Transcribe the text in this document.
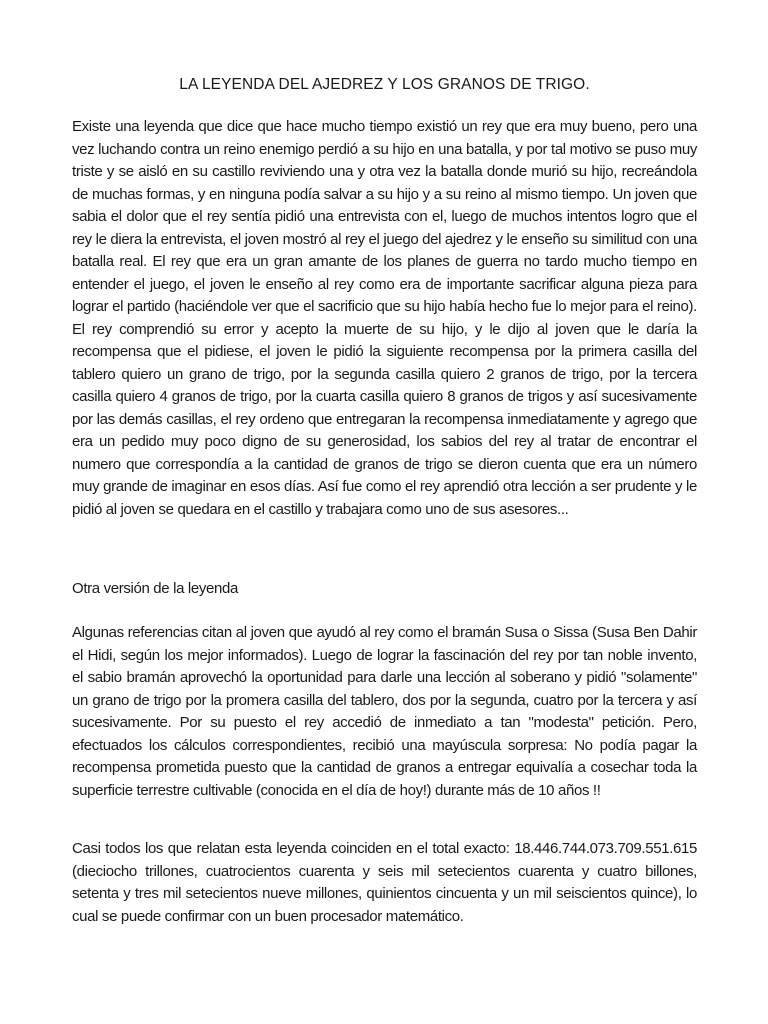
LA LEYENDA DEL AJEDREZ Y LOS GRANOS DE TRIGO.

Existe una leyenda que dice que hace mucho tiempo existió un rey que era muy bueno, pero una vez luchando contra un reino enemigo perdió a su hijo en una batalla, y por tal motivo se puso muy triste y se aisló en su castillo reviviendo una y otra vez la batalla donde murió su hijo, recreándola de muchas formas, y en ninguna podía salvar a su hijo y a su reino al mismo tiempo. Un joven que sabia el dolor que el rey sentía pidió una entrevista con el, luego de muchos intentos logro que el rey le diera la entrevista, el joven mostró al rey el juego del ajedrez y le enseño su similitud con una batalla real. El rey que era un gran amante de los planes de guerra no tardo mucho tiempo en entender el juego, el joven le enseño al rey como era de importante sacrificar alguna pieza para lograr el partido (haciéndole ver que el sacrificio que su hijo había hecho fue lo mejor para el reino). El rey comprendió su error y acepto la muerte de su hijo, y le dijo al joven que le daría la recompensa que el pidiese, el joven le pidió la siguiente recompensa por la primera casilla del tablero quiero un grano de trigo, por la segunda casilla quiero 2 granos de trigo, por la tercera casilla quiero 4 granos de trigo, por la cuarta casilla quiero 8 granos de trigos y así sucesivamente por las demás casillas, el rey ordeno que entregaran la recompensa inmediatamente y agrego que era un pedido muy poco digno de su generosidad, los sabios del rey al tratar de encontrar el numero que correspondía a la cantidad de granos de trigo se dieron cuenta que era un número muy grande de imaginar en esos días. Así fue como el rey aprendió otra lección a ser prudente y le pidió al joven se quedara en el castillo y trabajara como uno de sus asesores...

Otra versión de la leyenda

Algunas referencias citan al joven que ayudó al rey como el bramán Susa o Sissa (Susa Ben Dahir el Hidi, según los mejor informados). Luego de lograr la fascinación del rey por tan noble invento, el sabio bramán aprovechó la oportunidad para darle una lección al soberano y pidió "solamente" un grano de trigo por la promera casilla del tablero, dos por la segunda, cuatro por la tercera y así sucesivamente. Por su puesto el rey accedió de inmediato a tan "modesta" petición. Pero, efectuados los cálculos correspondientes, recibió una mayúscula sorpresa: No podía pagar la recompensa prometida puesto que la cantidad de granos a entregar equivalía a cosechar toda la superficie terrestre cultivable (conocida en el día de hoy!) durante más de 10 años !!

Casi todos los que relatan esta leyenda coinciden en el total exacto: 18.446.744.073.709.551.615 (dieciocho trillones, cuatrocientos cuarenta y seis mil setecientos cuarenta y cuatro billones, setenta y tres mil setecientos nueve millones, quinientos cincuenta y un mil seiscientos quince), lo cual se puede confirmar con un buen procesador matemático.
